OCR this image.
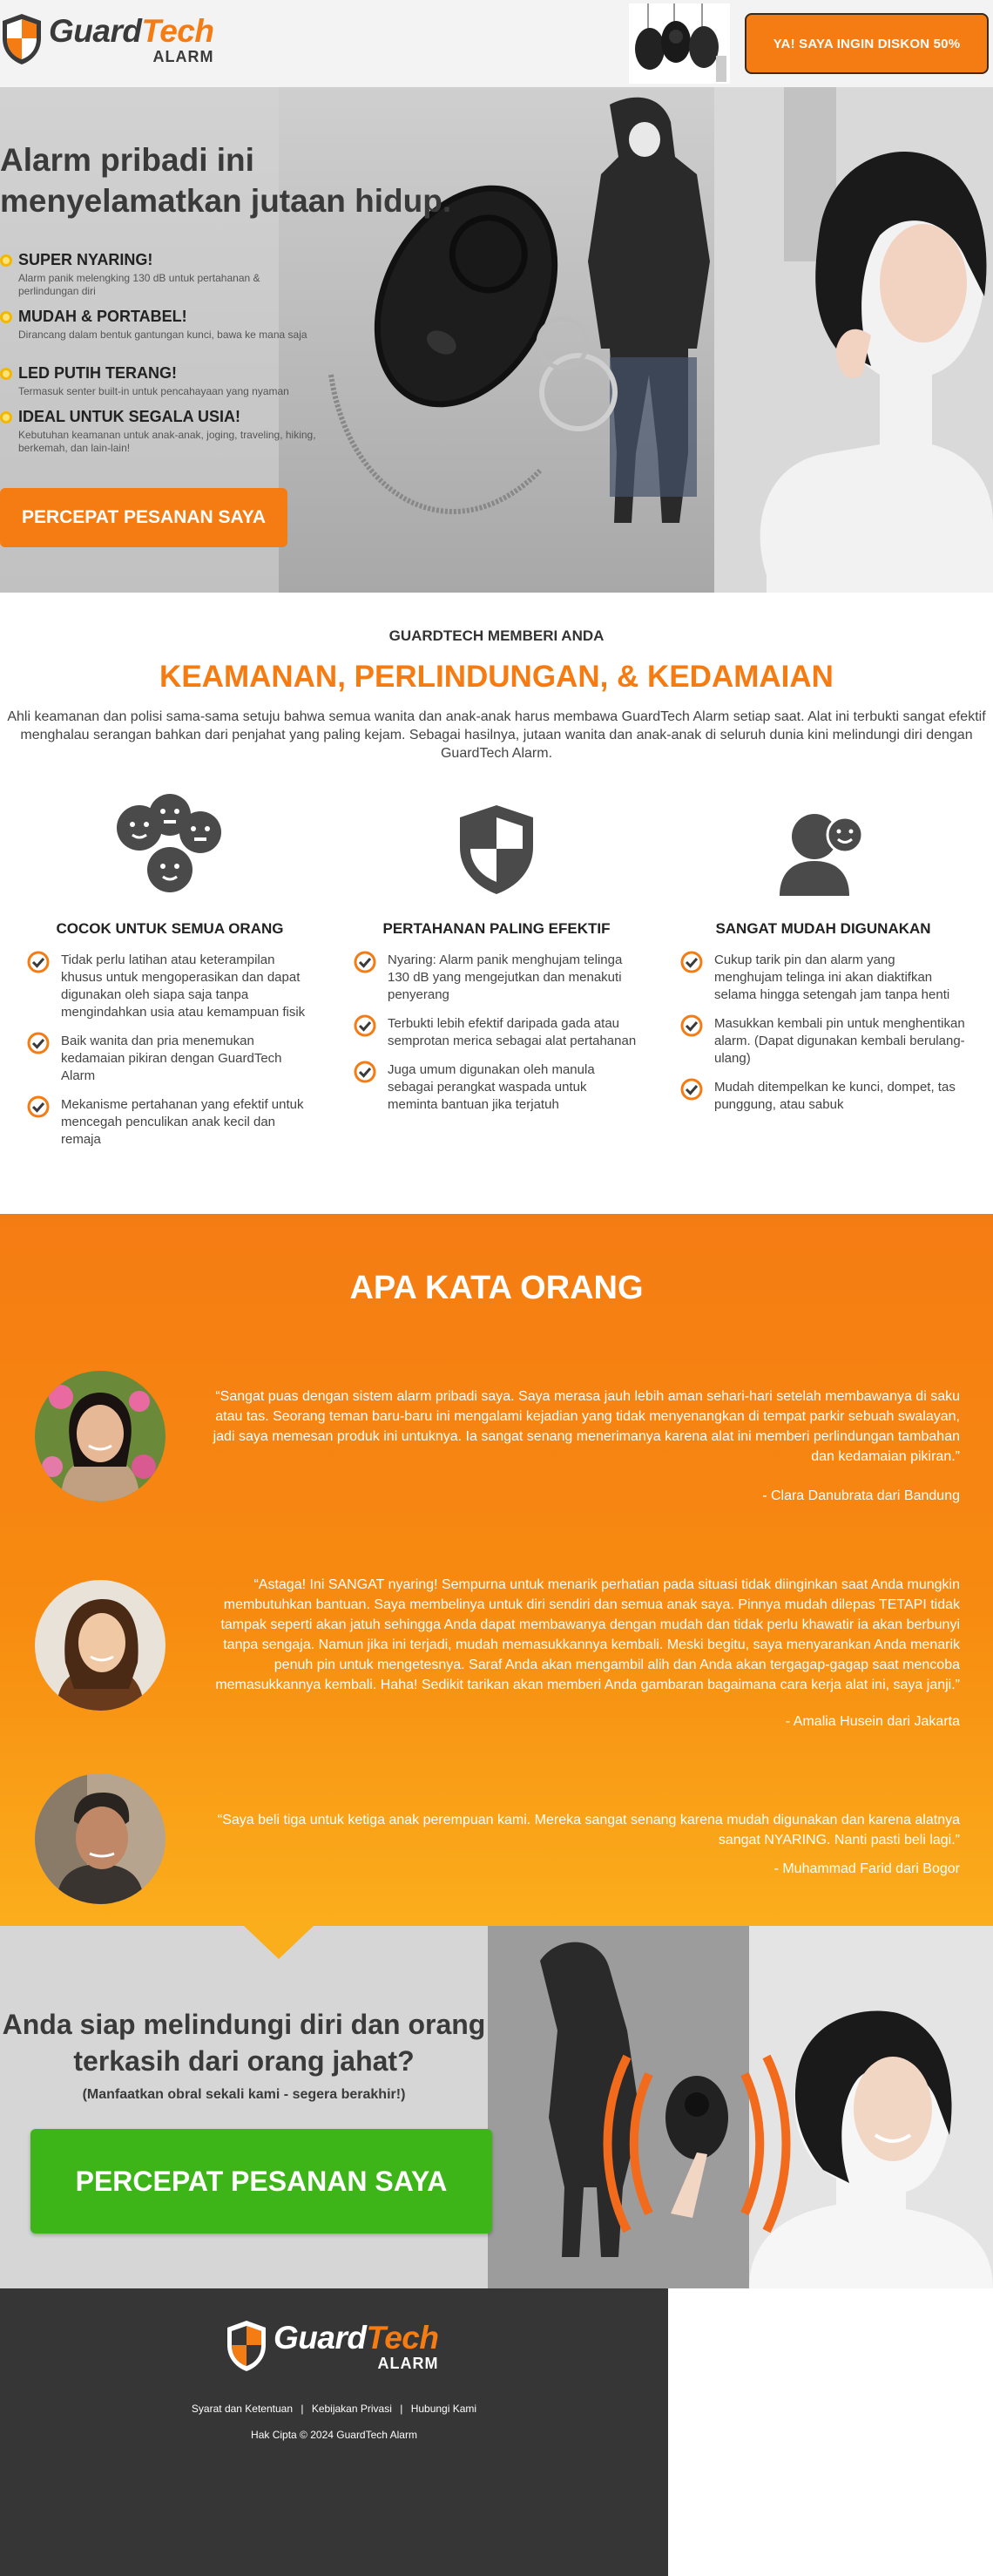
GuardTech
ALARM
YA! SAYA INGIN DISKON 50%
Alarm pribadi ini menyelamatkan jutaan hidup.
SUPER NYARING!
Alarm panik melengking 130 dB untuk pertahanan & perlindungan diri
MUDAH & PORTABEL!
Dirancang dalam bentuk gantungan kunci, bawa ke mana saja
LED PUTIH TERANG!
Termasuk senter built-in untuk pencahayaan yang nyaman
IDEAL UNTUK SEGALA USIA!
Kebutuhan keamanan untuk anak-anak, joging, traveling, hiking, berkemah, dan lain-lain!
PERCEPAT PESANAN SAYA
GUARDTECH MEMBERI ANDA
KEAMANAN, PERLINDUNGAN, & KEDAMAIAN
Ahli keamanan dan polisi sama-sama setuju bahwa semua wanita dan anak-anak harus membawa GuardTech Alarm setiap saat. Alat ini terbukti sangat efektif menghalau serangan bahkan dari penjahat yang paling kejam. Sebagai hasilnya, jutaan wanita dan anak-anak di seluruh dunia kini melindungi diri dengan GuardTech Alarm.
COCOK UNTUK SEMUA ORANG
Tidak perlu latihan atau keterampilan khusus untuk mengoperasikan dan dapat digunakan oleh siapa saja tanpa mengindahkan usia atau kemampuan fisik
Baik wanita dan pria menemukan kedamaian pikiran dengan GuardTech Alarm
Mekanisme pertahanan yang efektif untuk mencegah penculikan anak kecil dan remaja
PERTAHANAN PALING EFEKTIF
Nyaring: Alarm panik menghujam telinga 130 dB yang mengejutkan dan menakuti penyerang
Terbukti lebih efektif daripada gada atau semprotan merica sebagai alat pertahanan
Juga umum digunakan oleh manula sebagai perangkat waspada untuk meminta bantuan jika terjatuh
SANGAT MUDAH DIGUNAKAN
Cukup tarik pin dan alarm yang menghujam telinga ini akan diaktifkan selama hingga setengah jam tanpa henti
Masukkan kembali pin untuk menghentikan alarm. (Dapat digunakan kembali berulang-ulang)
Mudah ditempelkan ke kunci, dompet, tas punggung, atau sabuk
APA KATA ORANG
“Sangat puas dengan sistem alarm pribadi saya. Saya merasa jauh lebih aman sehari-hari setelah membawanya di saku atau tas. Seorang teman baru-baru ini mengalami kejadian yang tidak menyenangkan di tempat parkir sebuah swalayan, jadi saya memesan produk ini untuknya. Ia sangat senang menerimanya karena alat ini memberi perlindungan tambahan dan kedamaian pikiran.”
- Clara Danubrata dari Bandung
“Astaga! Ini SANGAT nyaring! Sempurna untuk menarik perhatian pada situasi tidak diinginkan saat Anda mungkin membutuhkan bantuan. Saya membelinya untuk diri sendiri dan semua anak saya. Pinnya mudah dilepas TETAPI tidak tampak seperti akan jatuh sehingga Anda dapat membawanya dengan mudah dan tidak perlu khawatir ia akan berbunyi tanpa sengaja. Namun jika ini terjadi, mudah memasukkannya kembali. Meski begitu, saya menyarankan Anda menarik penuh pin untuk mengetesnya. Saraf Anda akan mengambil alih dan Anda akan tergagap-gagap saat mencoba memasukkannya kembali. Haha! Sedikit tarikan akan memberi Anda gambaran bagaimana cara kerja alat ini, saya janji.”
- Amalia Husein dari Jakarta
“Saya beli tiga untuk ketiga anak perempuan kami. Mereka sangat senang karena mudah digunakan dan karena alatnya sangat NYARING. Nanti pasti beli lagi.”
- Muhammad Farid dari Bogor
Anda siap melindungi diri dan orang terkasih dari orang jahat?
(Manfaatkan obral sekali kami - segera berakhir!)
PERCEPAT PESANAN SAYA
GuardTech
ALARM
Syarat dan Ketentuan | Kebijakan Privasi | Hubungi Kami
Hak Cipta © 2024 GuardTech Alarm
